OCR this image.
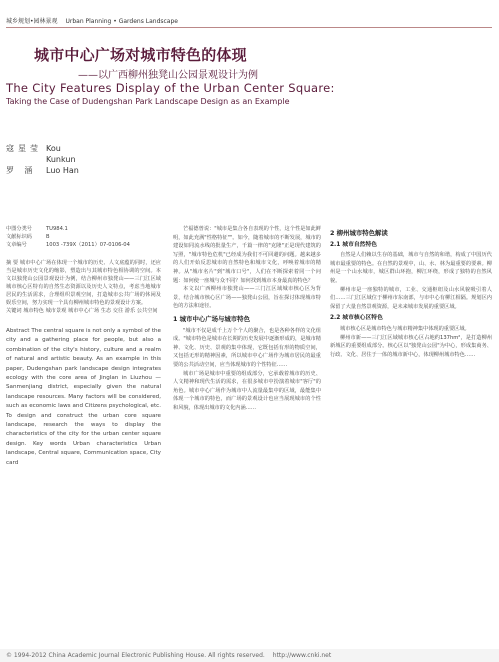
城乡规划•园林景观 Urban Planning • Gardens Landscape
城市中心广场对城市特色的体现
——以广西柳州独凳山公园景观设计为例
The City Features Display of the Urban Center Square:
Taking the Case of Dudengshan Park Landscape Design as an Example
寇星莹 Kou Kunkun
罗 涵	Luo Han
中图分类号	TU984.1
文献标识码	B
文章编号	1003 -739X（2011）07-0106-04
摘 要 城市中心广场在体现一个城市的历史、人文底蕴的同时，还应当是城市历史文化的缩影，塑造出与其城市特色相协调的空间。本文以独凳山公园景观设计为例，结合柳州市独凳山——三门江区域城市核心区特有的自然生态资源以及历史人文特点，考虑当地城市居民的生活需求，合理组织景观空间，打造城市公共广场的休闲及娱乐空间，努力实现一个具有柳州城市特色的景观设计方案。
关键词 城市特色 城市景观 城市中心广场 生态 交往 游乐 公共空间
Abstract The central square is not only a symbol of the city and a gathering place for people, but also a combination of the city's history, culture and a realm of natural and artistic beauty. As an example in this paper, Dudengshan park landscape design integrates ecology with the core area of Jinglan in Liuzhou —Sanmenjiang district, especially given the natural landscape resources. Many factors will be considered, such as economic laws and Citizens psychological, etc. To design and construct the urban core square landscape, research the ways to display the characteristics of the city for the urban center square design. Key words Urban characteristics Urban landscape, Central square, Communication space, City card

芒福德曾说："城市是集合各自表现的个性，这个性是如此鲜明，如此充满"性格特征""。如今，随着城市的不断发展，城市的建设如同流水线的批量生产，千篇一律的"克隆"正是现代建筑的写照，"城市特色危机"已经成为我们不可回避的问题。越来越多的人们开始反思城市的自然特色和城市文化，呼唤着城市的精神。从"城市名片"到"城市口号"，人们在不断探索着同一个问题：如何使一座城与众不同？如何找到城市本身最真的特色？

本文以广西柳州市独凳山——三门江区域城市核心区为背景，结合城市核心区广场——独凳山公园，旨在探讨体现城市特色的方法和途径。

1 城市中心广场与城市特色

"城市不仅是成千上万个个人的聚合，也是各种各样的文化组成。"城市特色是城市在长期的历史发展中逐渐形成的，是城市精神、文化、历史、景观的集中体现，它既包括有形的物质空间，又包括无形的精神因素，所以城市中心广场作为城市居民的最重要的公共活动空间，应当体现城市的个性特征……

城市广场是城市中重要的组成部分，它承载着城市的历史、人文精神和现代生活的需求，在很多城市中扮演着城市"客厅"的角色。城市中心广场作为城市中人流量最集中的区域，最能集中体现一个城市的特色，而广场的景观设计也应当展现城市的个性和风貌，体现出城市的文化内涵……

2 柳州城市特色解读
2.1 城市自然特色

自然是人们赖以生存的基础，城市与自然的和谐，构成了中国历代城市最重要的特色。在自然的景观中，山、水、林为最重要的要素。柳州是一个山水城市，城区群山环抱，柳江环绕，形成了独特的自然风貌。

柳州市是一座独特的城市，工业、交通枢纽及山水风貌吸引着人们……三门江区域位于柳州市东南部，与市中心有柳江相隔。规划区内保留了大量自然景观资源，是未来城市发展的重要区域。

2.2 城市核心区特色

城市核心区是城市特色与城市精神集中体现的重要区域。

柳州市新——三门江区域城市核心区占地约137hm²，是打造柳州新城区的重要组成部分。核心区以"独凳山公园"为中心，形成集商务、行政、文化、居住于一体的城市新中心，体现柳州城市特色……

© 1994-2012 China Academic Journal Electronic Publishing House. All rights reserved. http://www.cnki.net
